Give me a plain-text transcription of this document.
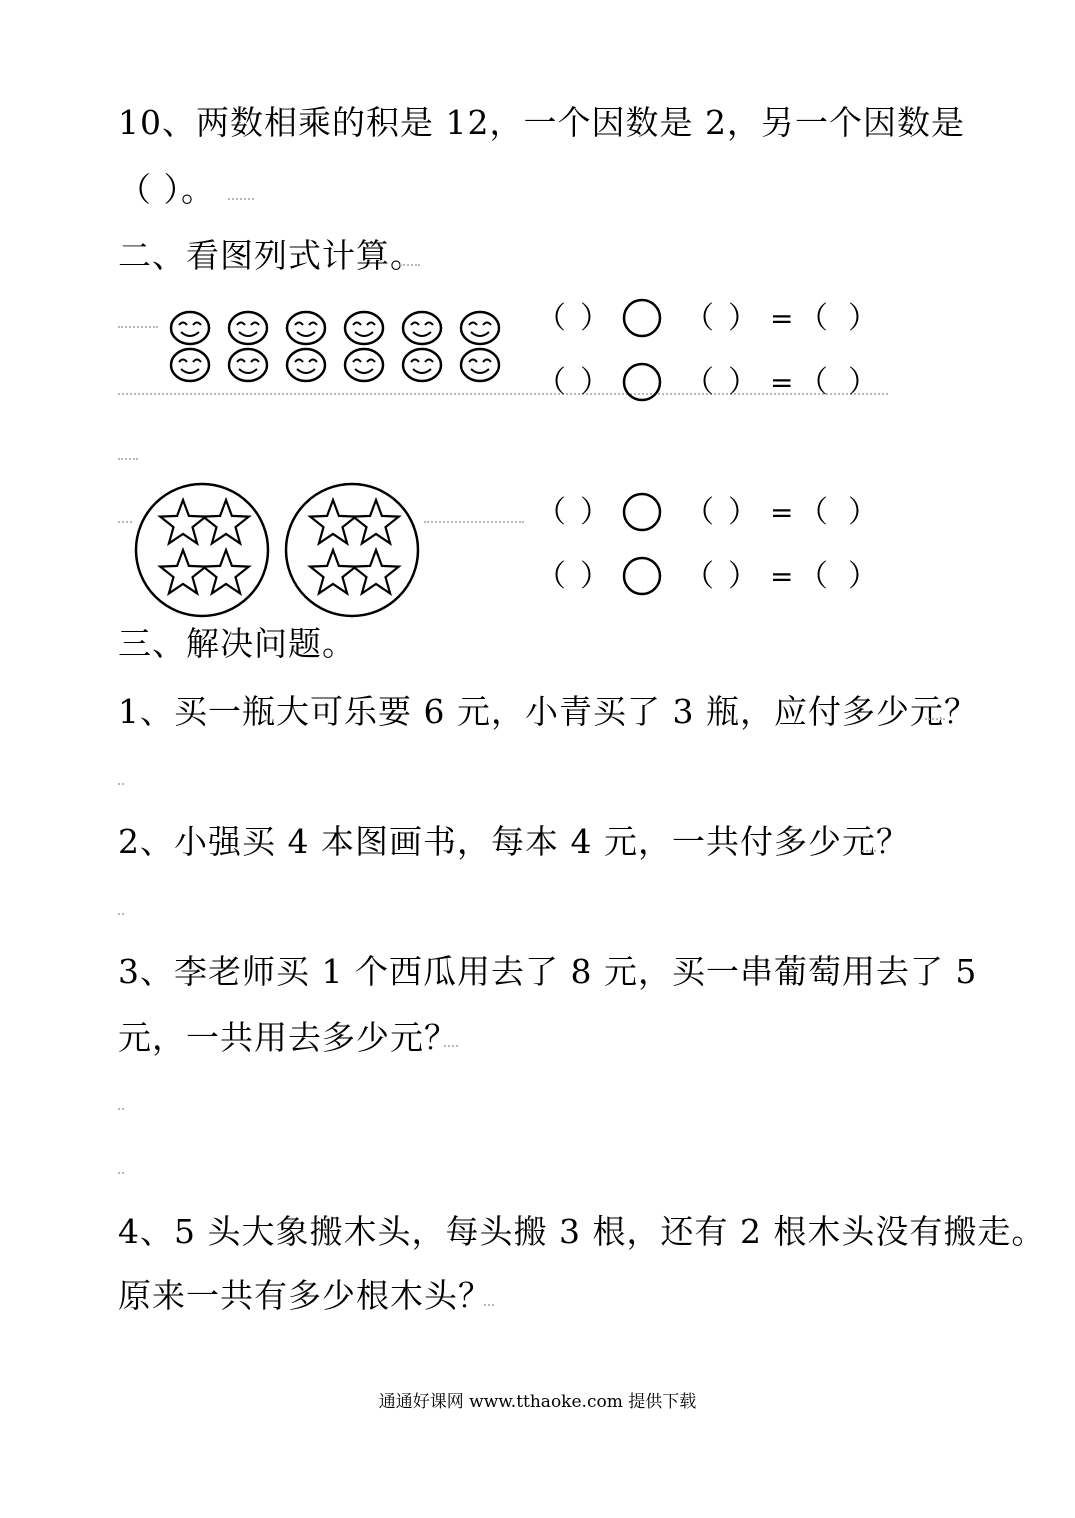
10、两数相乘的积是 12，一个因数是 2，另一个因数是
（ ）。
二、看图列式计算。
（ ） （ ） = （ ）
（ ） （ ） = （ ）
（ ） （ ） = （ ）
（ ） （ ） = （ ）
三、解决问题。
1、买一瓶大可乐要 6 元，小青买了 3 瓶，应付多少元？
2、小强买 4 本图画书，每本 4 元，一共付多少元？
3、李老师买 1 个西瓜用去了 8 元，买一串葡萄用去了 5
元，一共用去多少元？
4、5 头大象搬木头，每头搬 3 根，还有 2 根木头没有搬走。
原来一共有多少根木头？
通通好课网 www.tthaoke.com 提供下载
